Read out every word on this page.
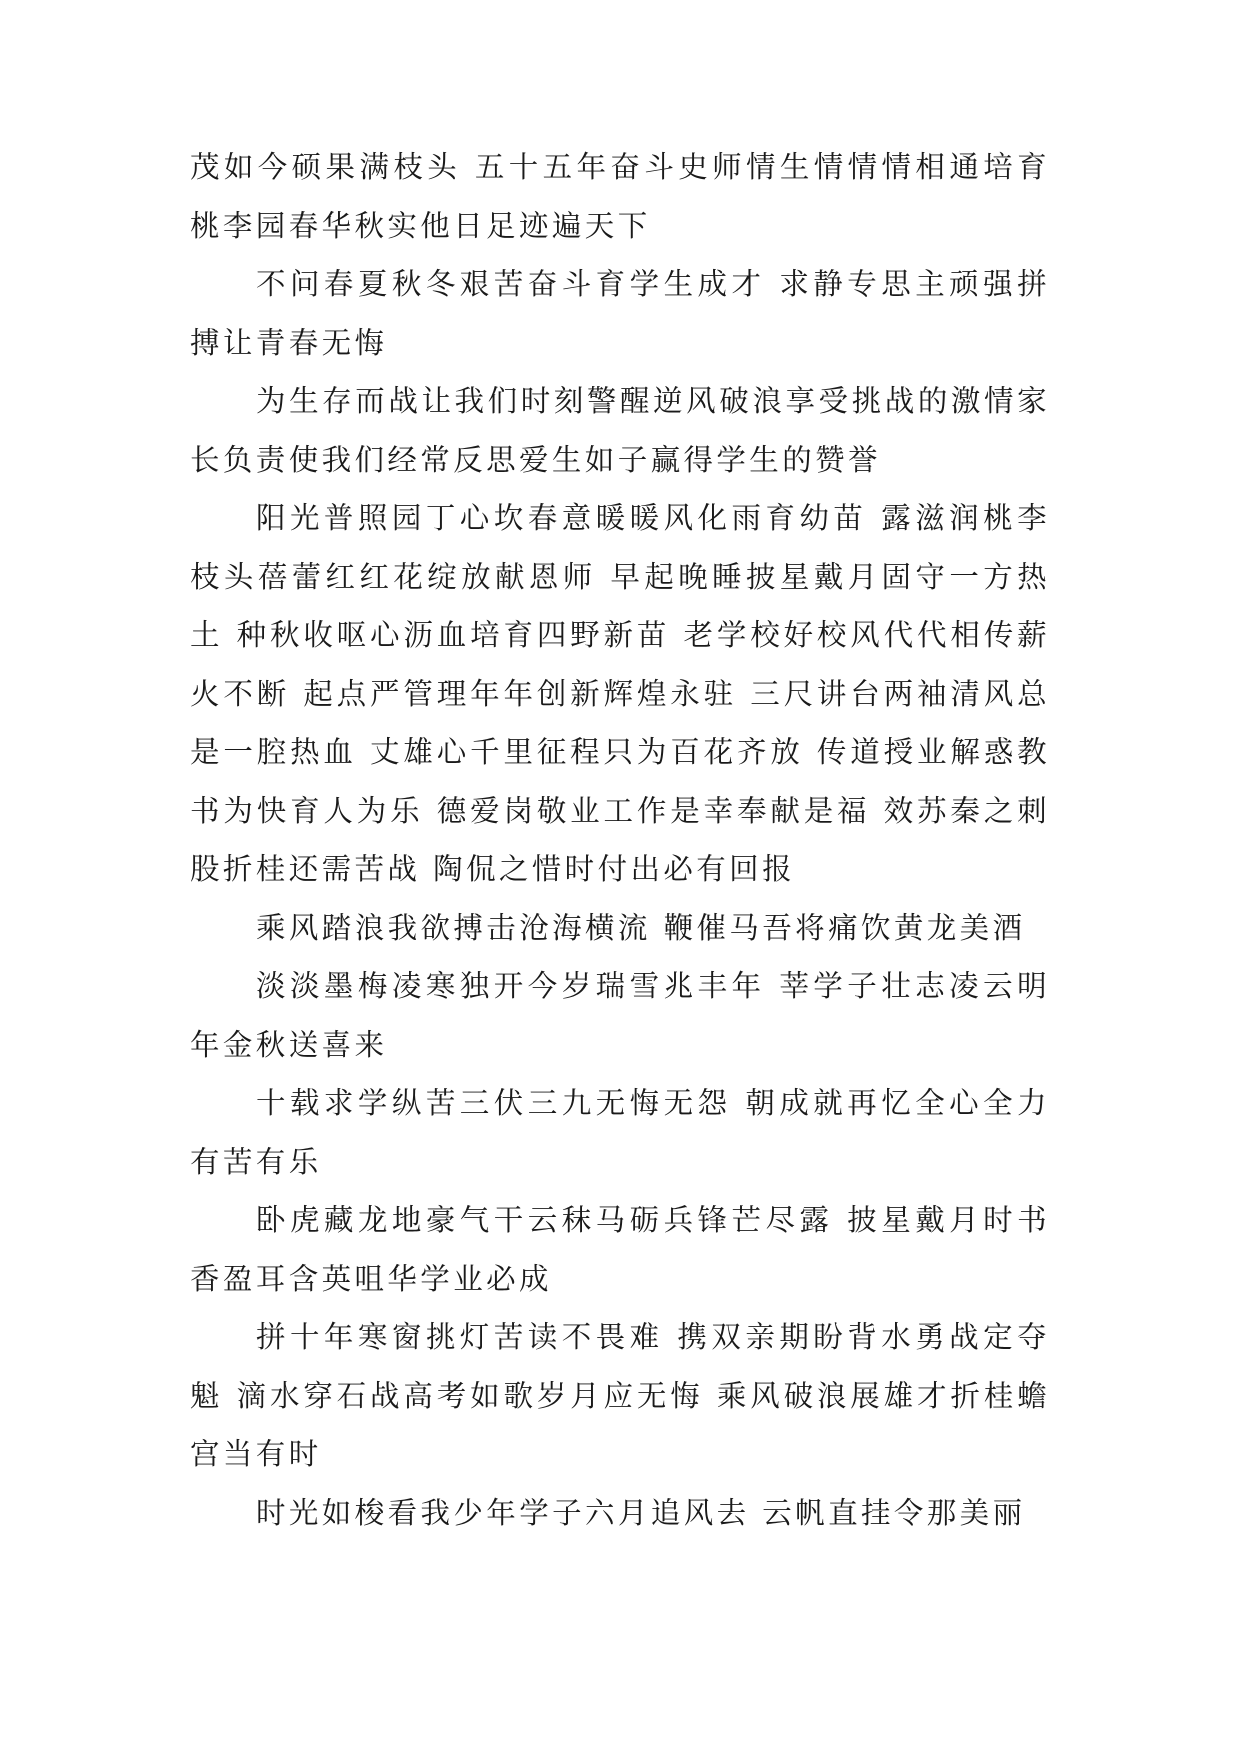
茂如今硕果满枝头 五十五年奋斗史师情生情情情相通培育桃李园春华秋实他日足迹遍天下

不问春夏秋冬艰苦奋斗育学生成才 求静专思主顽强拼搏让青春无悔

为生存而战让我们时刻警醒逆风破浪享受挑战的激情家长负责使我们经常反思爱生如子赢得学生的赞誉

阳光普照园丁心坎春意暖暖风化雨育幼苗 露滋润桃李枝头蓓蕾红红花绽放献恩师 早起晚睡披星戴月固守一方热土 种秋收呕心沥血培育四野新苗 老学校好校风代代相传薪火不断 起点严管理年年创新辉煌永驻 三尺讲台两袖清风总是一腔热血 丈雄心千里征程只为百花齐放 传道授业解惑教书为快育人为乐 德爱岗敬业工作是幸奉献是福 效苏秦之刺股折桂还需苦战 陶侃之惜时付出必有回报

乘风踏浪我欲搏击沧海横流 鞭催马吾将痛饮黄龙美酒

淡淡墨梅凌寒独开今岁瑞雪兆丰年 莘学子壮志凌云明年金秋送喜来

十载求学纵苦三伏三九无悔无怨 朝成就再忆全心全力有苦有乐

卧虎藏龙地豪气干云秣马砺兵锋芒尽露 披星戴月时书香盈耳含英咀华学业必成

拼十年寒窗挑灯苦读不畏难 携双亲期盼背水勇战定夺魁 滴水穿石战高考如歌岁月应无悔 乘风破浪展雄才折桂蟾宫当有时

时光如梭看我少年学子六月追风去 云帆直挂令那美丽
